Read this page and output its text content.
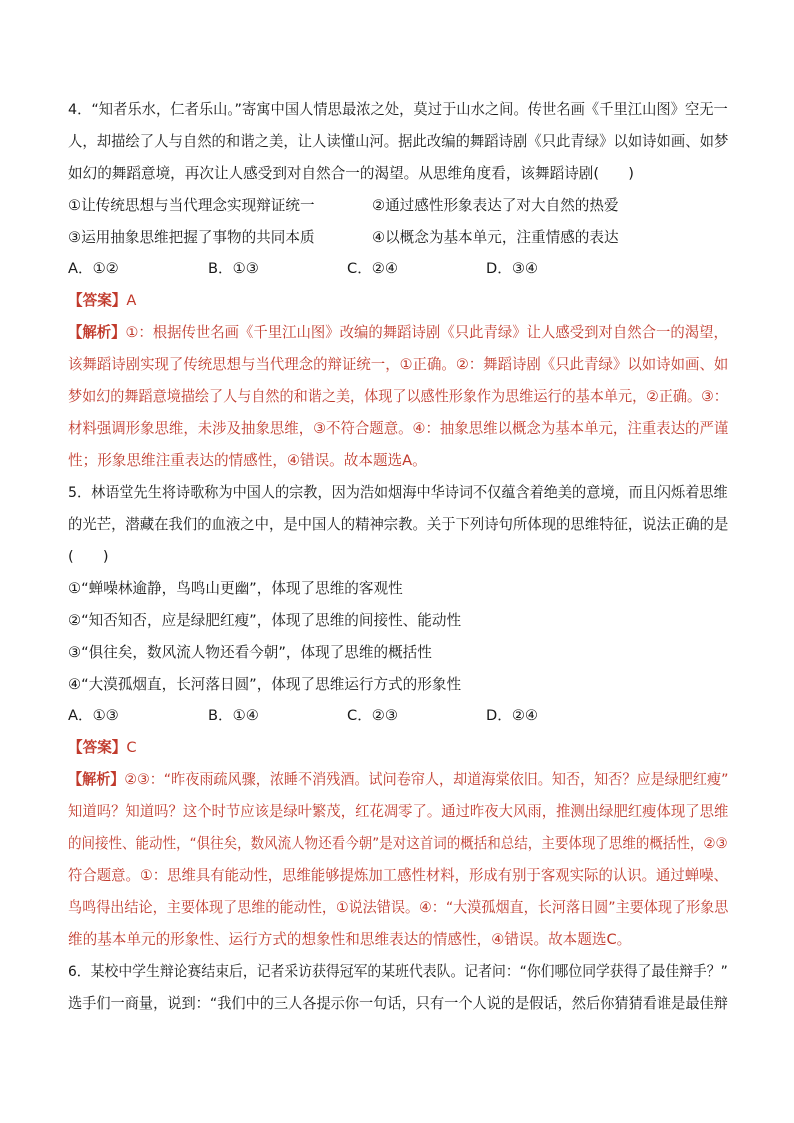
4．“知者乐水，仁者乐山。”寄寓中国人情思最浓之处，莫过于山水之间。传世名画《千里江山图》空无一
人，却描绘了人与自然的和谐之美，让人读懂山河。据此改编的舞蹈诗剧《只此青绿》以如诗如画、如梦
如幻的舞蹈意境，再次让人感受到对自然合一的渴望。从思维角度看，该舞蹈诗剧(　　)
①让传统思想与当代理念实现辩证统一	②通过感性形象表达了对大自然的热爱
③运用抽象思维把握了事物的共同本质	④以概念为基本单元，注重情感的表达
A．①②	B．①③	C．②④	D．③④
【答案】A
【解析】①：根据传世名画《千里江山图》改编的舞蹈诗剧《只此青绿》让人感受到对自然合一的渴望，
该舞蹈诗剧实现了传统思想与当代理念的辩证统一，①正确。②：舞蹈诗剧《只此青绿》以如诗如画、如
梦如幻的舞蹈意境描绘了人与自然的和谐之美，体现了以感性形象作为思维运行的基本单元，②正确。③：
材料强调形象思维，未涉及抽象思维，③不符合题意。④：抽象思维以概念为基本单元，注重表达的严谨
性；形象思维注重表达的情感性，④错误。故本题选A。
5．林语堂先生将诗歌称为中国人的宗教，因为浩如烟海中华诗词不仅蕴含着绝美的意境，而且闪烁着思维
的光芒，潜藏在我们的血液之中，是中国人的精神宗教。关于下列诗句所体现的思维特征，说法正确的是
(　　)
①“蝉噪林逾静，鸟鸣山更幽”，体现了思维的客观性
②“知否知否，应是绿肥红瘦”，体现了思维的间接性、能动性
③“俱往矣，数风流人物还看今朝”，体现了思维的概括性
④“大漠孤烟直，长河落日圆”，体现了思维运行方式的形象性
A．①③	B．①④	C．②③	D．②④
【答案】C
【解析】②③：“昨夜雨疏风骤，浓睡不消残酒。试问卷帘人，却道海棠依旧。知否，知否？应是绿肥红瘦”
知道吗？知道吗？这个时节应该是绿叶繁茂，红花凋零了。通过昨夜大风雨，推测出绿肥红瘦体现了思维
的间接性、能动性，“俱往矣，数风流人物还看今朝”是对这首词的概括和总结，主要体现了思维的概括性，②③
符合题意。①：思维具有能动性，思维能够提炼加工感性材料，形成有别于客观实际的认识。通过蝉噪、
鸟鸣得出结论，主要体现了思维的能动性，①说法错误。④：“大漠孤烟直，长河落日圆”主要体现了形象思
维的基本单元的形象性、运行方式的想象性和思维表达的情感性，④错误。故本题选C。
6．某校中学生辩论赛结束后，记者采访获得冠军的某班代表队。记者问：“你们哪位同学获得了最佳辩手？”
选手们一商量，说到：“我们中的三人各提示你一句话，只有一个人说的是假话，然后你猜猜看谁是最佳辩
